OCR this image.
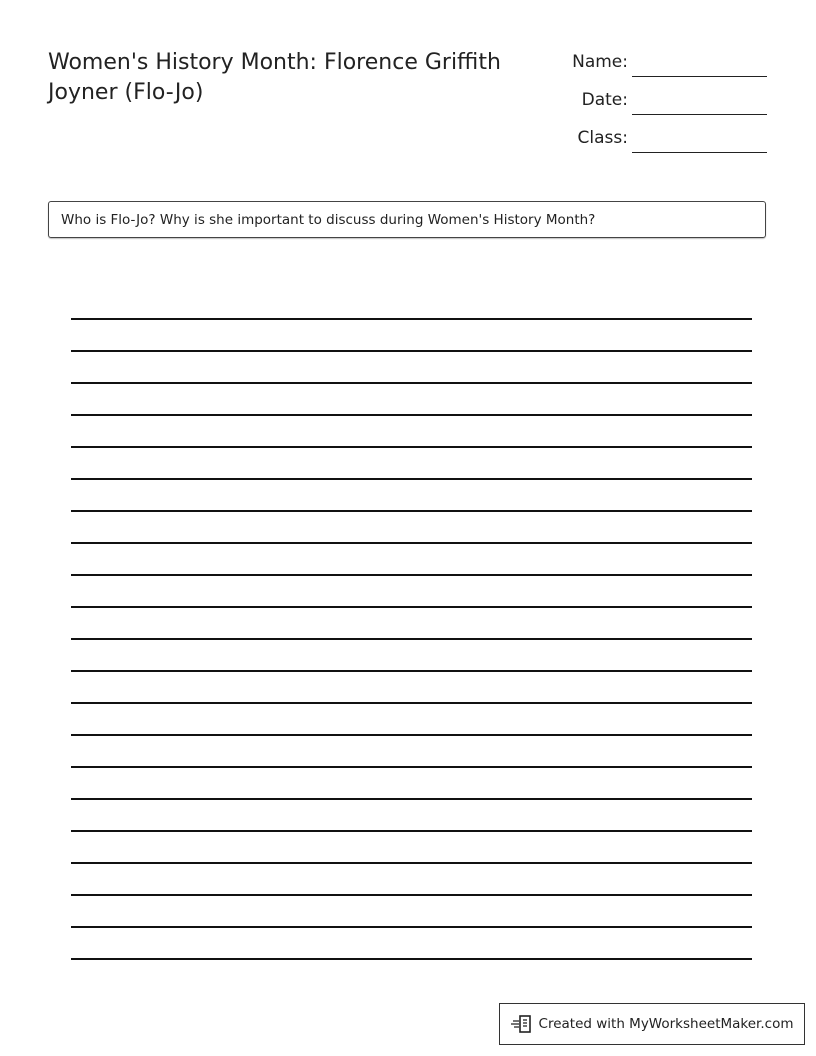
Women's History Month: Florence Griffith Joyner (Flo-Jo)
Name:
Date:
Class:
Who is Flo-Jo? Why is she important to discuss during Women's History Month?
Created with MyWorksheetMaker.com
